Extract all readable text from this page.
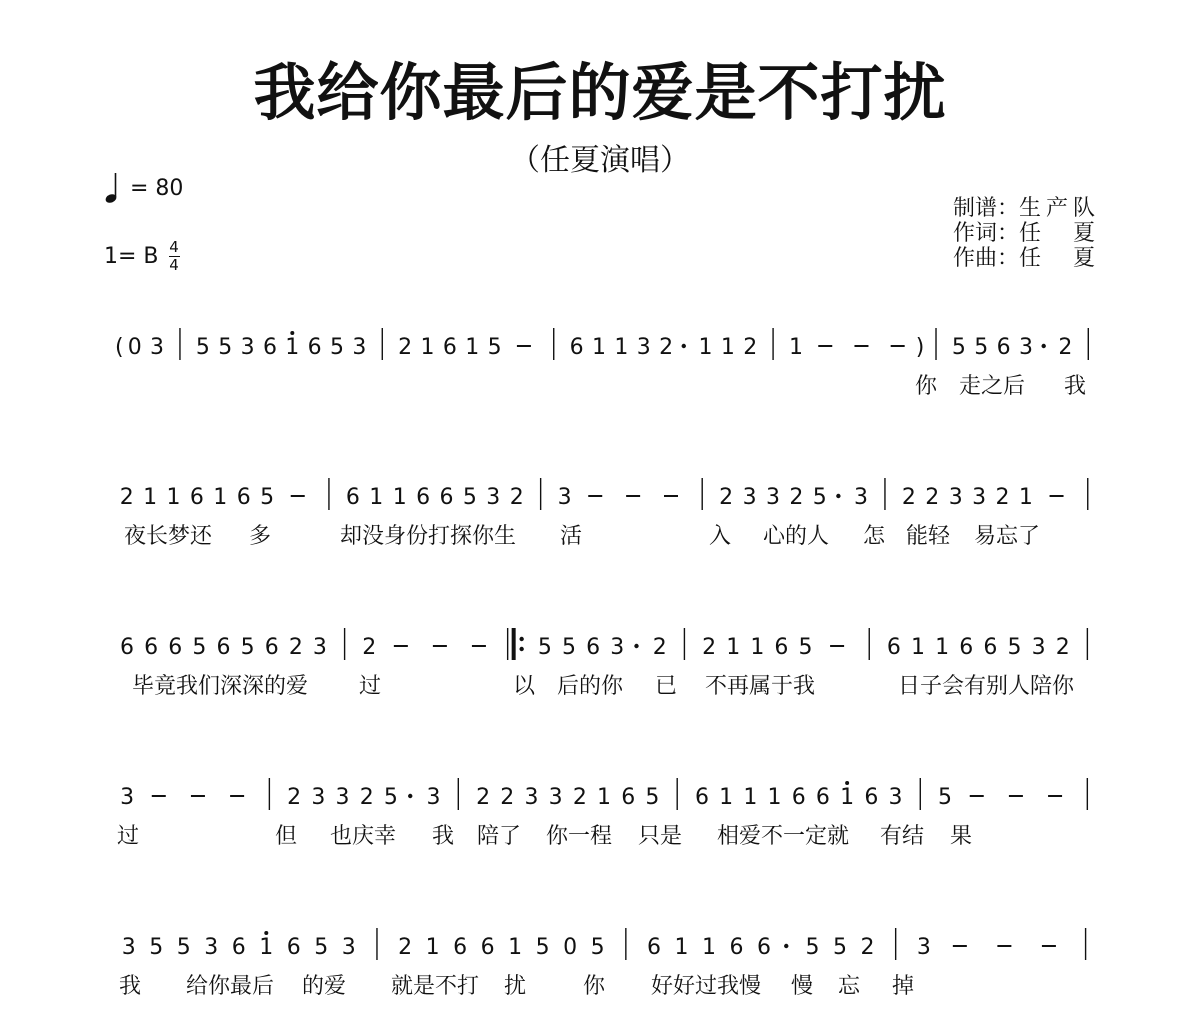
我给你最后的爱是不打扰
（任夏演唱）
= 80
1= B 4
4
制谱： 生 产 队
作词： 任 夏
作曲： 任 夏
( 0 3 5 5 3 6 1 6 5 3 2 1 6 1 5	6 1 1 3 2 1 1 2 1	) 5 5 6 3 2
你 走之后 我
2 1 1 6 1 6 5	6 1 1 6 6 5 3 2 3	2 3 3 2 5 3 2 2 3 3 2 1
夜长梦还 多	却没身份打探你生 活	入 心的人 怎 能轻 易忘了
6 6 6 5 6 5 6 2 3 2	5 5 6 3 2 2 1 1 6 5	6 1 1 6 6 5 3 2
毕竟我们深深的爱 过	以 后的你 已 不再属于我	日子会有别人陪你
3	2 3 3 2 5 3 2 2 3 3 2 1 6 5 6 1 1 1 6 6 1 6 3 5
过	但 也庆幸 我 陪了 你一程 只是 相爱不一定就 有结 果
3 5 5 3 6 1 6 5 3 2 1 6 6 1 5 0 5 6 1 1 6 6 5 5 2 3
我 给你最后 的爱 就是不打 扰	你 好好过我慢 慢 忘 掉
